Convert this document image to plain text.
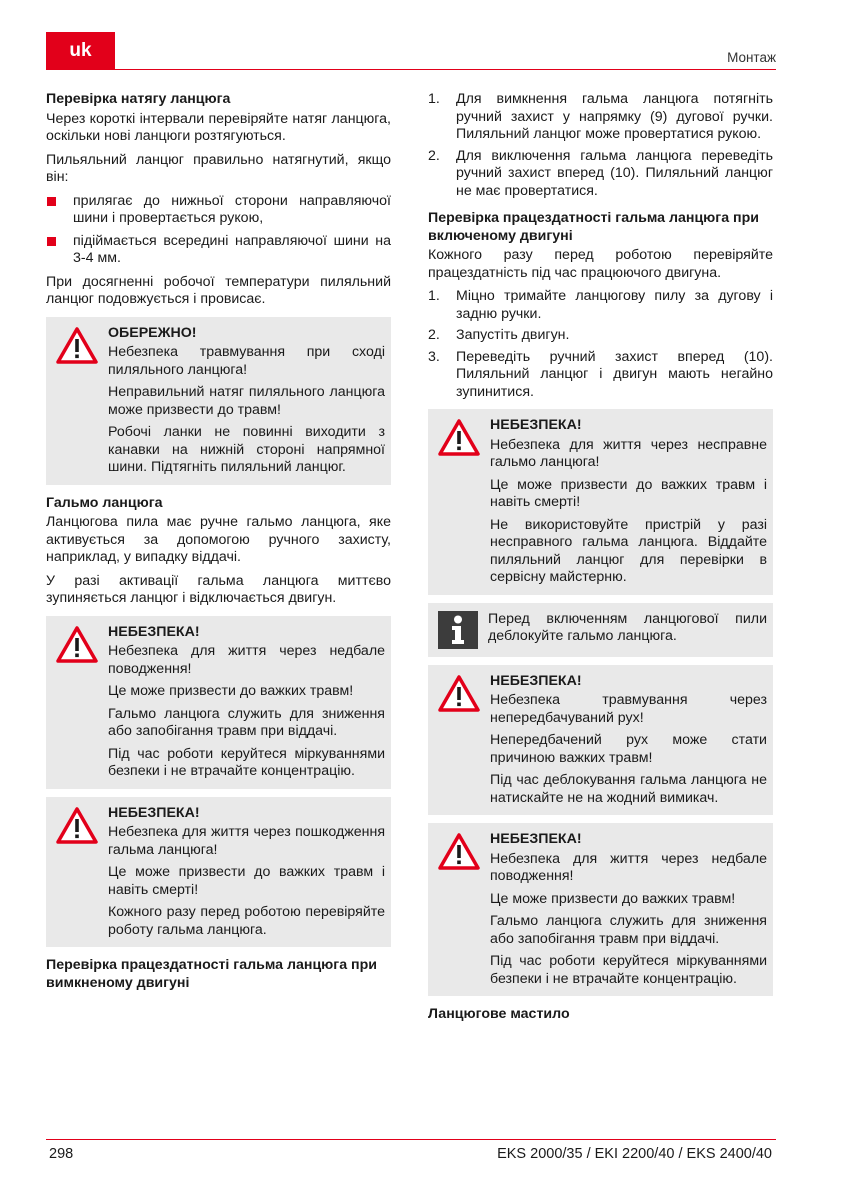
uk	Монтаж
Перевірка натягу ланцюга

Через короткі інтервали перевіряйте натяг ланцюга, оскільки нові ланцюги розтягуються.

Пильяльний ланцюг правильно натягнутий, якщо він:

прилягає до нижньої сторони направляючої шини і провертається рукою,
підіймається всередині направляючої шини на 3-4 мм.

При досягненні робочої температури пиляльний ланцюг подовжується і провисає.

ОБЕРЕЖНО!

Небезпека травмування при сході пиляльного ланцюга!

Неправильний натяг пиляльного ланцюга може призвести до травм!

Робочі ланки не повинні виходити з канавки на нижній стороні напрямної шини. Підтягніть пиляльний ланцюг.

Гальмо ланцюга

Ланцюгова пила має ручне гальмо ланцюга, яке активується за допомогою ручного захисту, наприклад, у випадку віддачі.

У разі активації гальма ланцюга миттєво зупиняється ланцюг і відключається двигун.

НЕБЕЗПЕКА!

Небезпека для життя через недбале поводження!

Це може призвести до важких травм!

Гальмо ланцюга служить для зниження або запобігання травм при віддачі.

Під час роботи керуйтеся міркуваннями безпеки і не втрачайте концентрацію.

НЕБЕЗПЕКА!

Небезпека для життя через пошкодження гальма ланцюга!

Це може призвести до важких травм і навіть смерті!

Кожного разу перед роботою перевіряйте роботу гальма ланцюга.

Перевірка працездатності гальма ланцюга при вимкненому двигуні
1. Для вимкнення гальма ланцюга потягніть ручний захист у напрямку (9) дугової ручки. Пиляльний ланцюг може провертатися рукою.
2. Для виключення гальма ланцюга переведіть ручний захист вперед (10). Пиляльний ланцюг не має провертатися.
Перевірка працездатності гальма ланцюга при включеному двигуні

Кожного разу перед роботою перевіряйте працездатність під час працюючого двигуна.

1. Міцно тримайте ланцюгову пилу за дугову і задню ручки.
2. Запустіть двигун.
3. Переведіть ручний захист вперед (10). Пиляльний ланцюг і двигун мають негайно зупинитися.
НЕБЕЗПЕКА!

Небезпека для життя через несправне гальмо ланцюга!

Це може призвести до важких травм і навіть смерті!

Не використовуйте пристрій у разі несправного гальма ланцюга. Віддайте пиляльний ланцюг для перевірки в сервісну майстерню.

Перед включенням ланцюгової пили деблокуйте гальмо ланцюга.

НЕБЕЗПЕКА!

Небезпека травмування через непередбачуваний рух!

Непередбачений рух може стати причиною важких травм!

Під час деблокування гальма ланцюга не натискайте не на жодний вимикач.

НЕБЕЗПЕКА!

Небезпека для життя через недбале поводження!

Це може призвести до важких травм!

Гальмо ланцюга служить для зниження або запобігання травм при віддачі.

Під час роботи керуйтеся міркуваннями безпеки і не втрачайте концентрацію.

Ланцюгове мастило
298	EKS 2000/35 / EKI 2200/40 / EKS 2400/40
